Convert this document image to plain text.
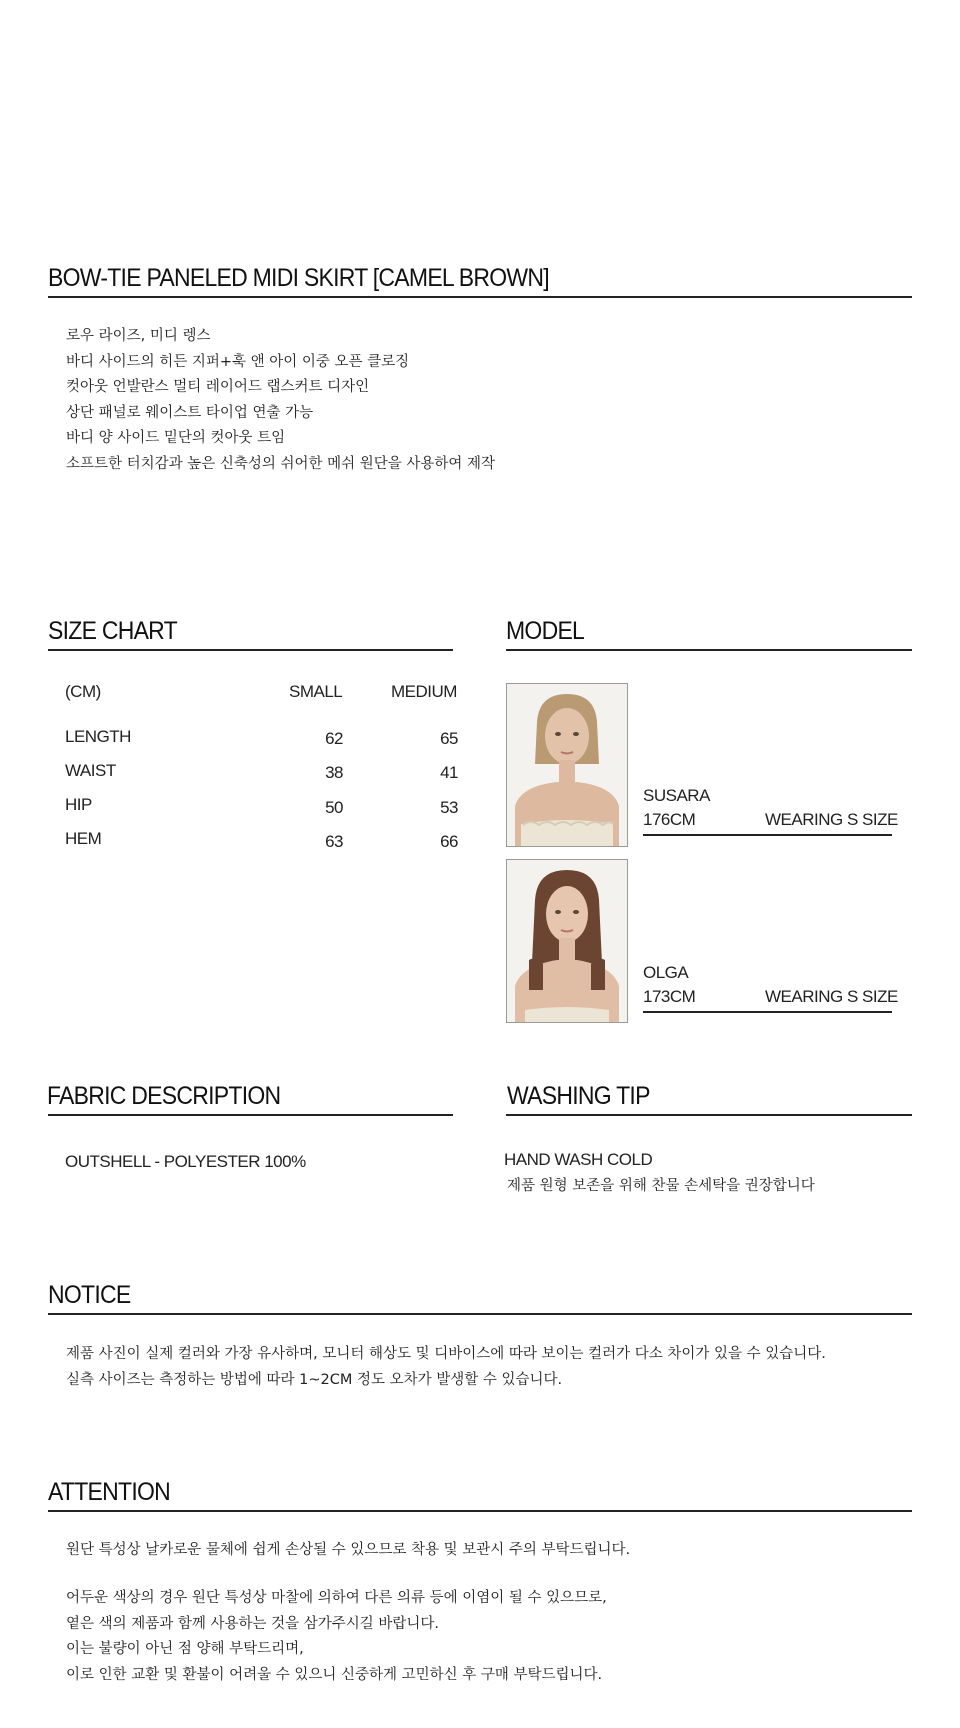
BOW-TIE PANELED MIDI SKIRT [CAMEL BROWN]
로우 라이즈, 미디 렝스
바디 사이드의 히든 지퍼+훅 앤 아이 이중 오픈 클로징
컷아웃 언발란스 멀티 레이어드 랩스커트 디자인
상단 패널로 웨이스트 타이업 연출 가능
바디 양 사이드 밑단의 컷아웃 트임
소프트한 터치감과 높은 신축성의 쉬어한 메쉬 원단을 사용하여 제작
SIZE CHART
(CM)	SMALL	MEDIUM
LENGTH	62	65
WAIST	38	41
HIP	50	53
HEM	63	66
MODEL
SUSARA
176CM	WEARING S SIZE
OLGA
173CM	WEARING S SIZE
FABRIC DESCRIPTION
OUTSHELL - POLYESTER 100%
WASHING TIP
HAND WASH COLD
제품 원형 보존을 위해 찬물 손세탁을 권장합니다
NOTICE
제품 사진이 실제 컬러와 가장 유사하며, 모니터 해상도 및 디바이스에 따라 보이는 컬러가 다소 차이가 있을 수 있습니다.
실측 사이즈는 측정하는 방법에 따라 1~2CM 정도 오차가 발생할 수 있습니다.
ATTENTION
원단 특성상 날카로운 물체에 쉽게 손상될 수 있으므로 착용 및 보관시 주의 부탁드립니다.
어두운 색상의 경우 원단 특성상 마찰에 의하여 다른 의류 등에 이염이 될 수 있으므로,
옅은 색의 제품과 함께 사용하는 것을 삼가주시길 바랍니다.
이는 불량이 아닌 점 양해 부탁드리며,
이로 인한 교환 및 환불이 어려울 수 있으니 신중하게 고민하신 후 구매 부탁드립니다.
